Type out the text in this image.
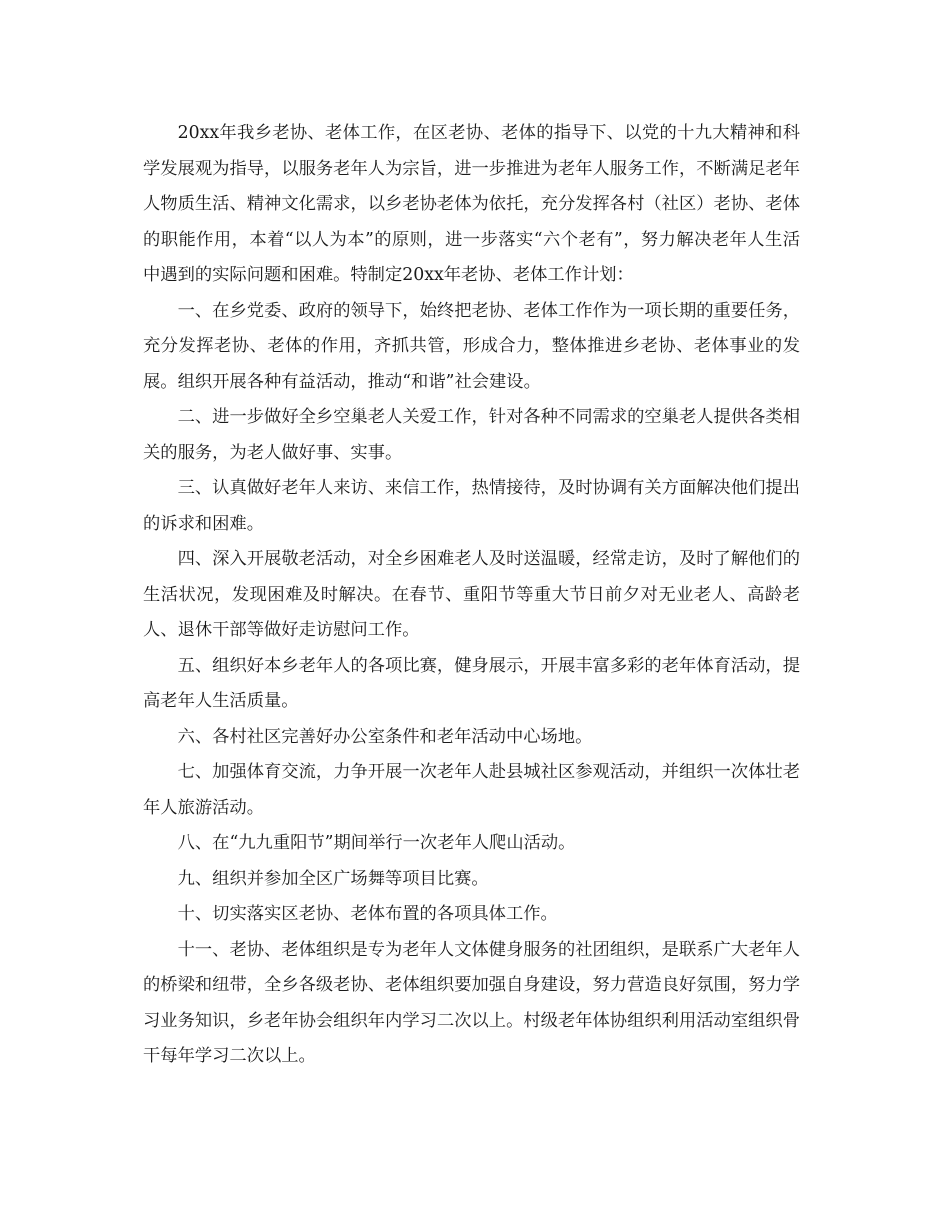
20xx年我乡老协、老体工作，在区老协、老体的指导下、以党的十九大精神和科学发展观为指导，以服务老年人为宗旨，进一步推进为老年人服务工作，不断满足老年人物质生活、精神文化需求，以乡老协老体为依托，充分发挥各村（社区）老协、老体的职能作用，本着“以人为本”的原则，进一步落实“六个老有”，努力解决老年人生活中遇到的实际问题和困难。特制定20xx年老协、老体工作计划：

一、在乡党委、政府的领导下，始终把老协、老体工作作为一项长期的重要任务，充分发挥老协、老体的作用，齐抓共管，形成合力，整体推进乡老协、老体事业的发展。组织开展各种有益活动，推动“和谐”社会建设。

二、进一步做好全乡空巢老人关爱工作，针对各种不同需求的空巢老人提供各类相关的服务，为老人做好事、实事。

三、认真做好老年人来访、来信工作，热情接待，及时协调有关方面解决他们提出的诉求和困难。

四、深入开展敬老活动，对全乡困难老人及时送温暖，经常走访，及时了解他们的生活状况，发现困难及时解决。在春节、重阳节等重大节日前夕对无业老人、高龄老人、退休干部等做好走访慰问工作。

五、组织好本乡老年人的各项比赛，健身展示，开展丰富多彩的老年体育活动，提高老年人生活质量。

六、各村社区完善好办公室条件和老年活动中心场地。

七、加强体育交流，力争开展一次老年人赴县城社区参观活动，并组织一次体壮老年人旅游活动。

八、在“九九重阳节”期间举行一次老年人爬山活动。

九、组织并参加全区广场舞等项目比赛。

十、切实落实区老协、老体布置的各项具体工作。

十一、老协、老体组织是专为老年人文体健身服务的社团组织，是联系广大老年人的桥梁和纽带，全乡各级老协、老体组织要加强自身建设，努力营造良好氛围，努力学习业务知识，乡老年协会组织年内学习二次以上。村级老年体协组织利用活动室组织骨干每年学习二次以上。
